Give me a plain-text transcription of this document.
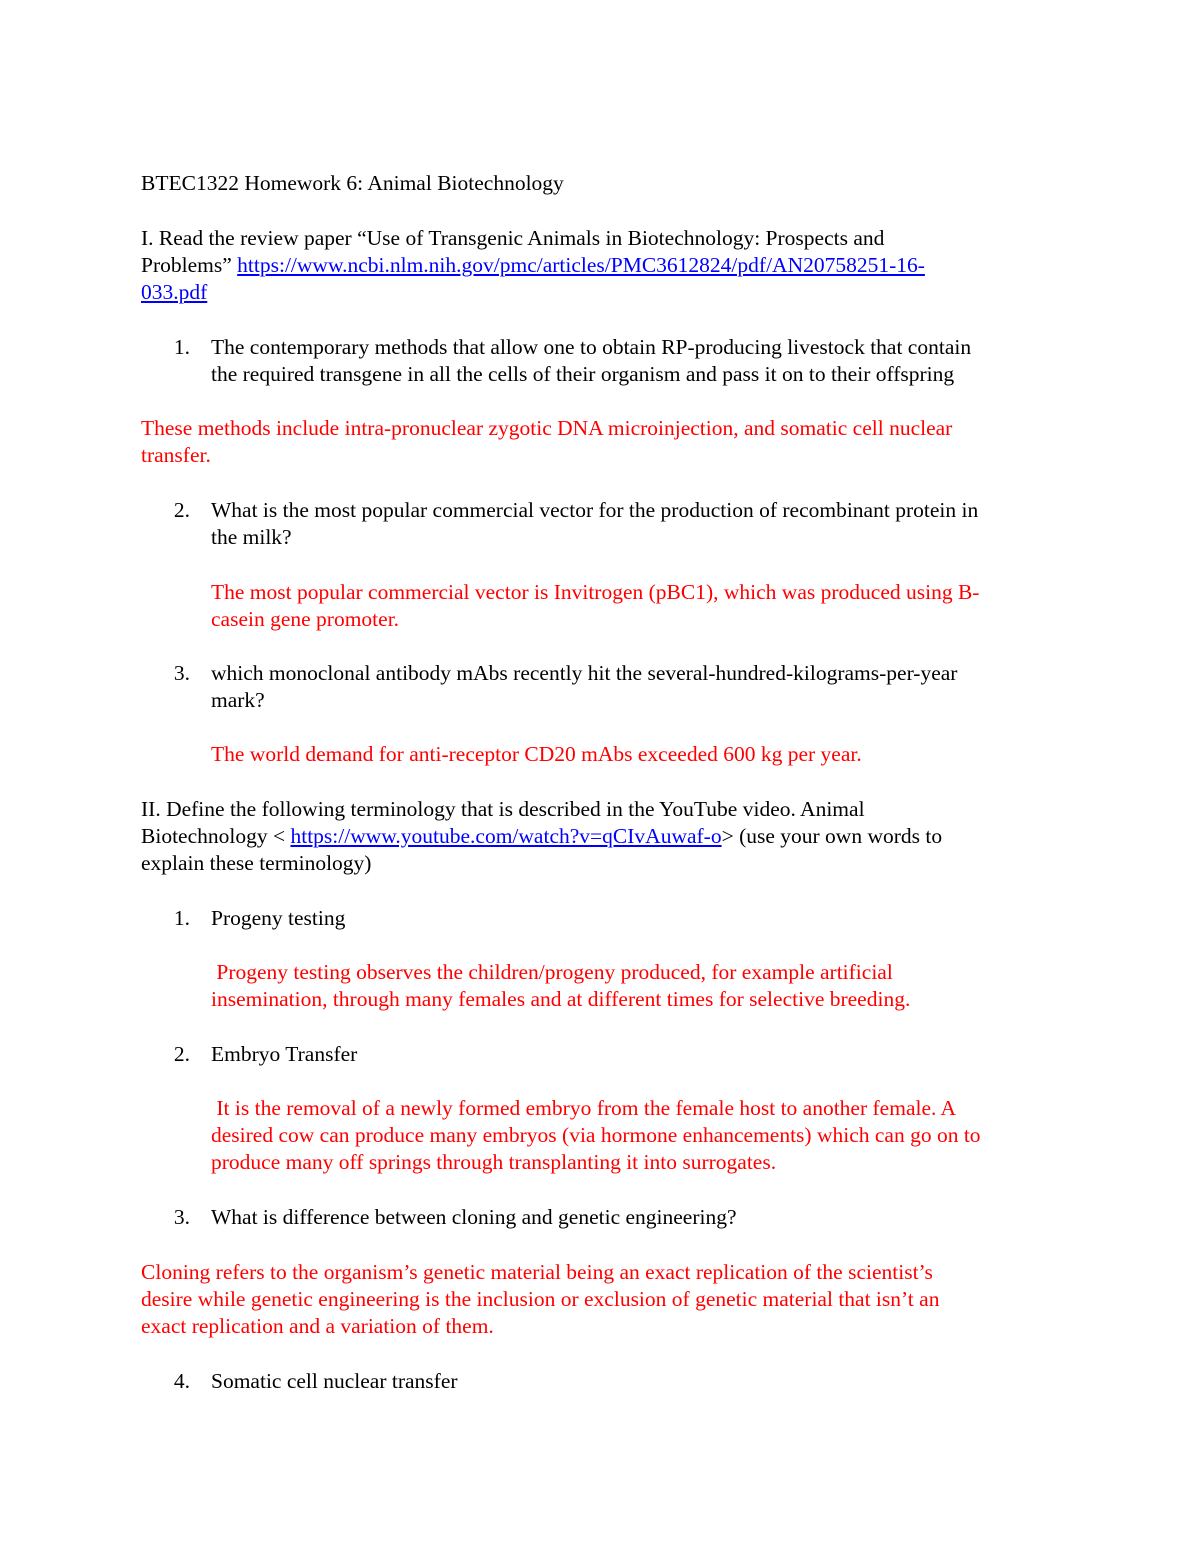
BTEC1322 Homework 6: Animal Biotechnology
I. Read the review paper “Use of Transgenic Animals in Biotechnology: Prospects and
Problems” https://www.ncbi.nlm.nih.gov/pmc/articles/PMC3612824/pdf/AN20758251-16-
033.pdf
1. The contemporary methods that allow one to obtain RP-producing livestock that contain
the required transgene in all the cells of their organism and pass it on to their offspring
These methods include intra-pronuclear zygotic DNA microinjection, and somatic cell nuclear
transfer.
2. What is the most popular commercial vector for the production of recombinant protein in
the milk?
The most popular commercial vector is Invitrogen (pBC1), which was produced using B-
casein gene promoter.
3. which monoclonal antibody mAbs recently hit the several-hundred-kilograms-per-year
mark?
The world demand for anti-receptor CD20 mAbs exceeded 600 kg per year.
II. Define the following terminology that is described in the YouTube video. Animal
Biotechnology < https://www.youtube.com/watch?v=qCIvAuwaf-o> (use your own words to
explain these terminology)
1. Progeny testing
Progeny testing observes the children/progeny produced, for example artificial
insemination, through many females and at different times for selective breeding.
2. Embryo Transfer
It is the removal of a newly formed embryo from the female host to another female. A
desired cow can produce many embryos (via hormone enhancements) which can go on to
produce many off springs through transplanting it into surrogates.
3. What is difference between cloning and genetic engineering?
Cloning refers to the organism’s genetic material being an exact replication of the scientist’s
desire while genetic engineering is the inclusion or exclusion of genetic material that isn’t an
exact replication and a variation of them.
4. Somatic cell nuclear transfer
